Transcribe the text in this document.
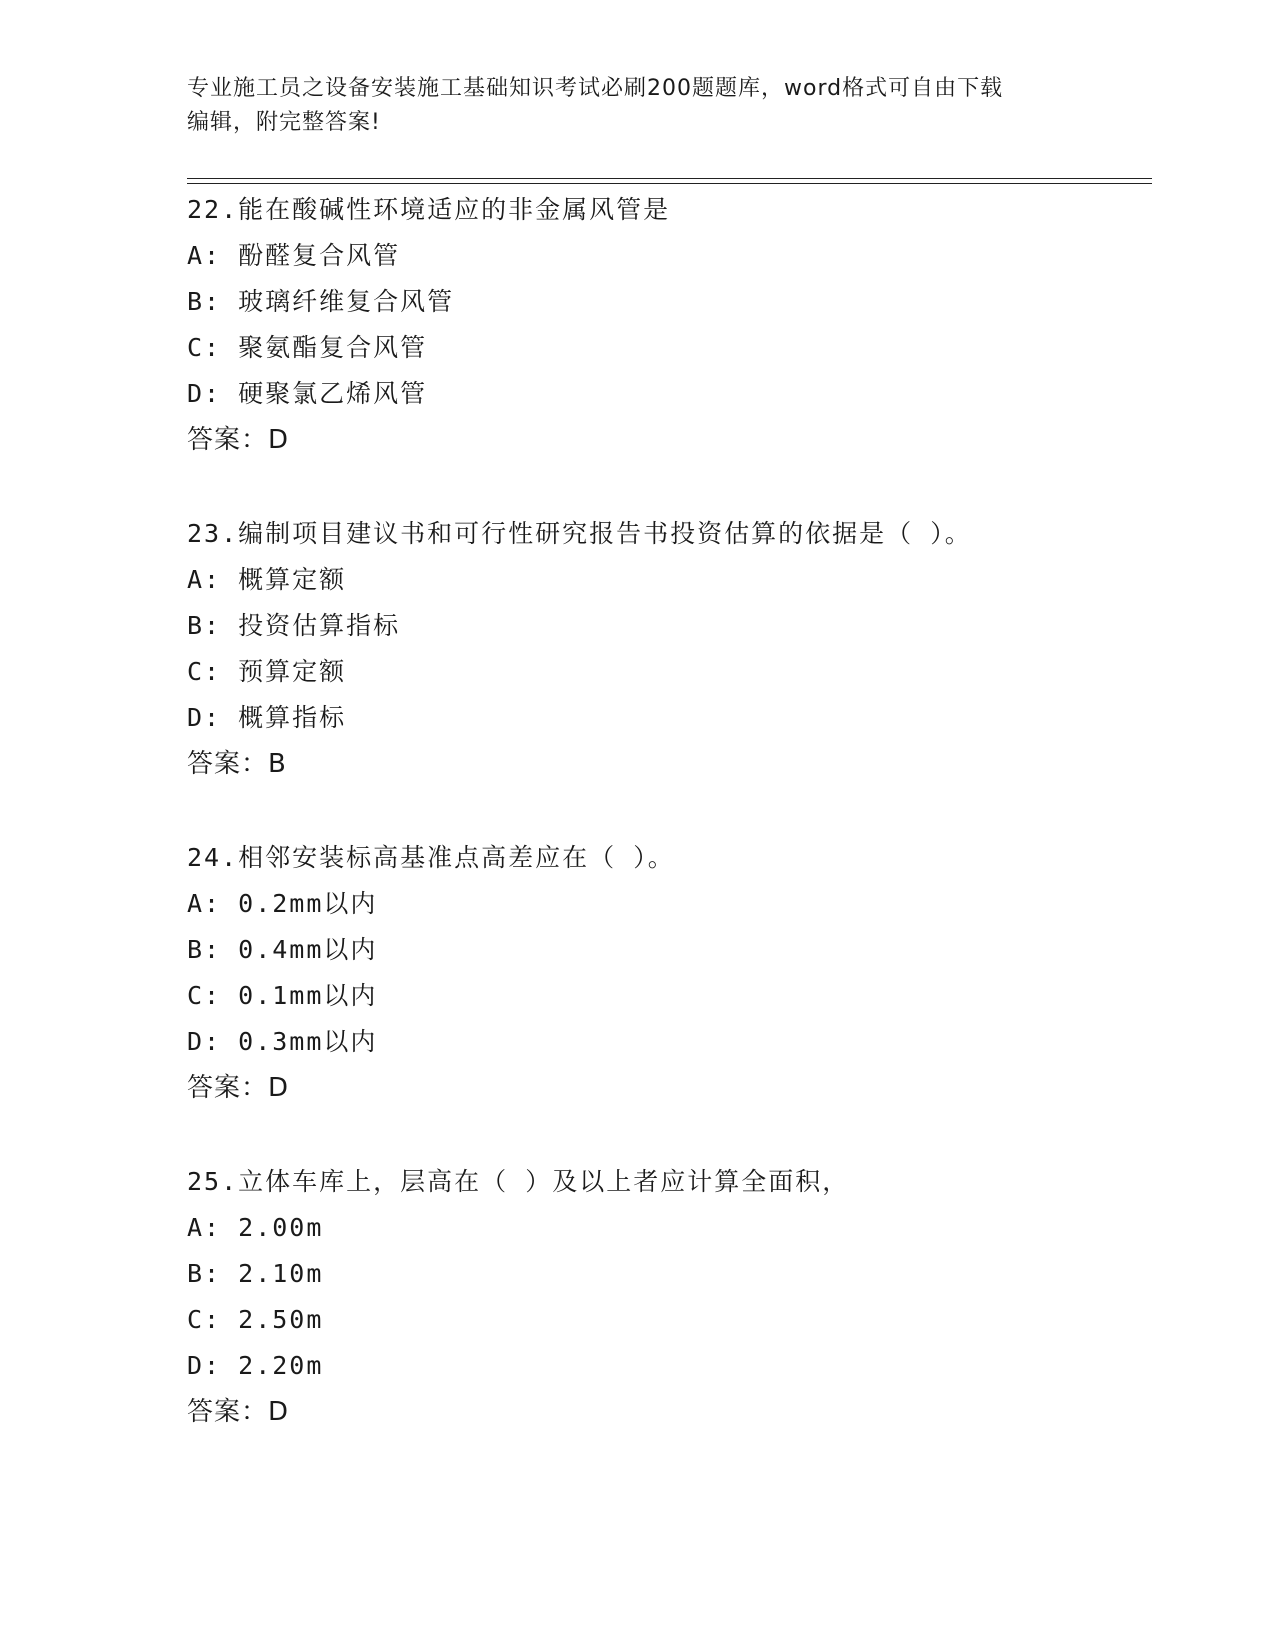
专业施工员之设备安装施工基础知识考试必刷200题题库，word格式可自由下载
编辑，附完整答案!
22.能在酸碱性环境适应的非金属风管是
A: 酚醛复合风管
B: 玻璃纤维复合风管
C: 聚氨酯复合风管
D: 硬聚氯乙烯风管
答案：D
23.编制项目建议书和可行性研究报告书投资估算的依据是（ ）。
A: 概算定额
B: 投资估算指标
C: 预算定额
D: 概算指标
答案：B
24.相邻安装标高基准点高差应在（ ）。
A: 0.2mm以内
B: 0.4mm以内
C: 0.1mm以内
D: 0.3mm以内
答案：D
25.立体车库上，层高在（ ）及以上者应计算全面积，
A: 2.00m
B: 2.10m
C: 2.50m
D: 2.20m
答案：D
